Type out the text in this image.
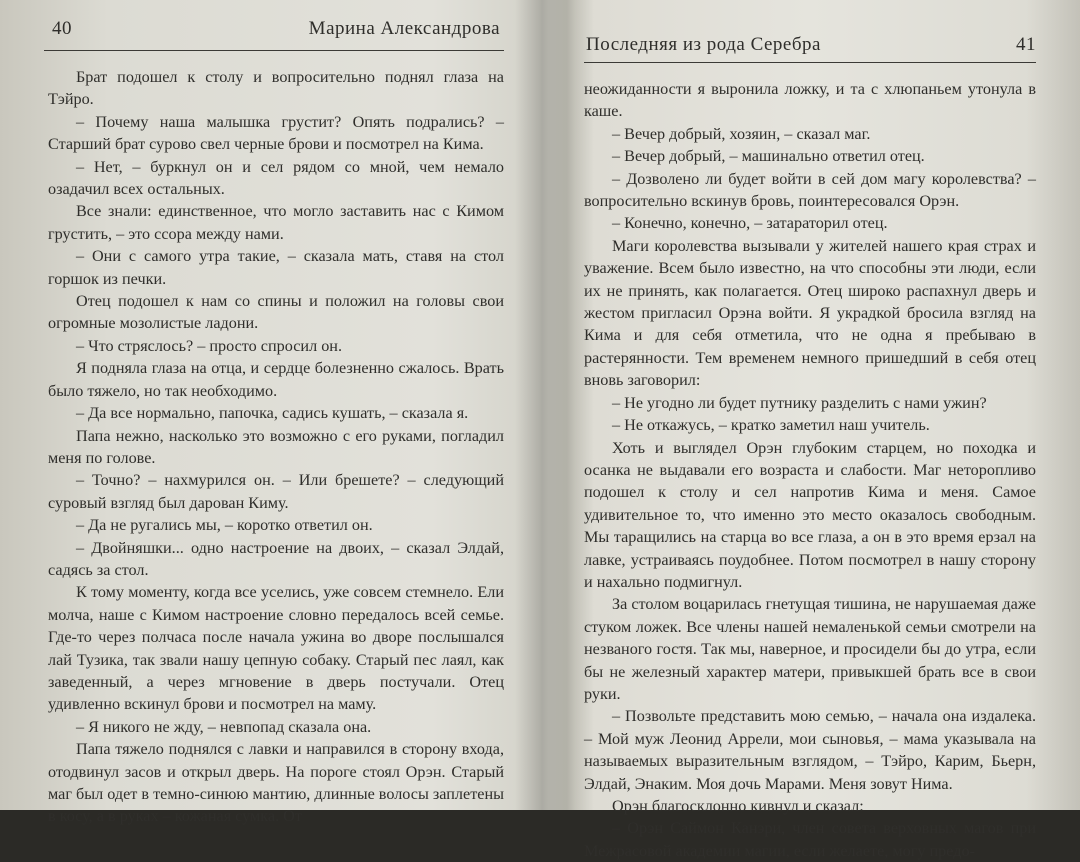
40	Марина Александрова

Брат подошел к столу и вопросительно поднял глаза на Тэйро.

– Почему наша малышка грустит? Опять подрались? – Старший брат сурово свел черные брови и посмотрел на Кима.

– Нет, – буркнул он и сел рядом со мной, чем немало озадачил всех остальных.

Все знали: единственное, что могло заставить нас с Кимом грустить, – это ссора между нами.

– Они с самого утра такие, – сказала мать, ставя на стол горшок из печки.

Отец подошел к нам со спины и положил на головы свои огромные мозолистые ладони.

– Что стряслось? – просто спросил он.

Я подняла глаза на отца, и сердце болезненно сжалось. Врать было тяжело, но так необходимо.

– Да все нормально, папочка, садись кушать, – сказала я.

Папа нежно, насколько это возможно с его руками, погладил меня по голове.

– Точно? – нахмурился он. – Или брешете? – следующий суровый взгляд был дарован Киму.

– Да не ругались мы, – коротко ответил он.

– Двойняшки... одно настроение на двоих, – сказал Элдай, садясь за стол.

К тому моменту, когда все уселись, уже совсем стемнело. Ели молча, наше с Кимом настроение словно передалось всей семье. Где-то через полчаса после начала ужина во дворе послышался лай Тузика, так звали нашу цепную собаку. Старый пес лаял, как заведенный, а через мгновение в дверь постучали. Отец удивленно вскинул брови и посмотрел на маму.

– Я никого не жду, – невпопад сказала она.

Папа тяжело поднялся с лавки и направился в сторону входа, отодвинул засов и открыл дверь. На пороге стоял Орэн. Старый маг был одет в темно-синюю мантию, длинные волосы заплетены в косу, а в руках – кожаная сумка. От

Последняя из рода Серебра	41

неожиданности я выронила ложку, и та с хлюпаньем утонула в каше.

– Вечер добрый, хозяин, – сказал маг.

– Вечер добрый, – машинально ответил отец.

– Дозволено ли будет войти в сей дом магу королевства? – вопросительно вскинув бровь, поинтересовался Орэн.

– Конечно, конечно, – затараторил отец.

Маги королевства вызывали у жителей нашего края страх и уважение. Всем было известно, на что способны эти люди, если их не принять, как полагается. Отец широко распахнул дверь и жестом пригласил Орэна войти. Я украдкой бросила взгляд на Кима и для себя отметила, что не одна я пребываю в растерянности. Тем временем немного пришедший в себя отец вновь заговорил:

– Не угодно ли будет путнику разделить с нами ужин?

– Не откажусь, – кратко заметил наш учитель.

Хоть и выглядел Орэн глубоким старцем, но походка и осанка не выдавали его возраста и слабости. Маг неторопливо подошел к столу и сел напротив Кима и меня. Самое удивительное то, что именно это место оказалось свободным. Мы таращились на старца во все глаза, а он в это время ерзал на лавке, устраиваясь поудобнее. Потом посмотрел в нашу сторону и нахально подмигнул.

За столом воцарилась гнетущая тишина, не нарушаемая даже стуком ложек. Все члены нашей немаленькой семьи смотрели на незваного гостя. Так мы, наверное, и просидели бы до утра, если бы не железный характер матери, привыкшей брать все в свои руки.

– Позвольте представить мою семью, – начала она издалека. – Мой муж Леонид Аррели, мои сыновья, – мама указывала на называемых выразительным взглядом, – Тэйро, Карим, Бьерн, Элдай, Энаким. Моя дочь Марами. Меня зовут Нима.

Орэн благосклонно кивнул и сказал:

– Орэн Саймон Канэри, член совета верховных магов при Межрасовой академии магии, если желаете, могу предо-
